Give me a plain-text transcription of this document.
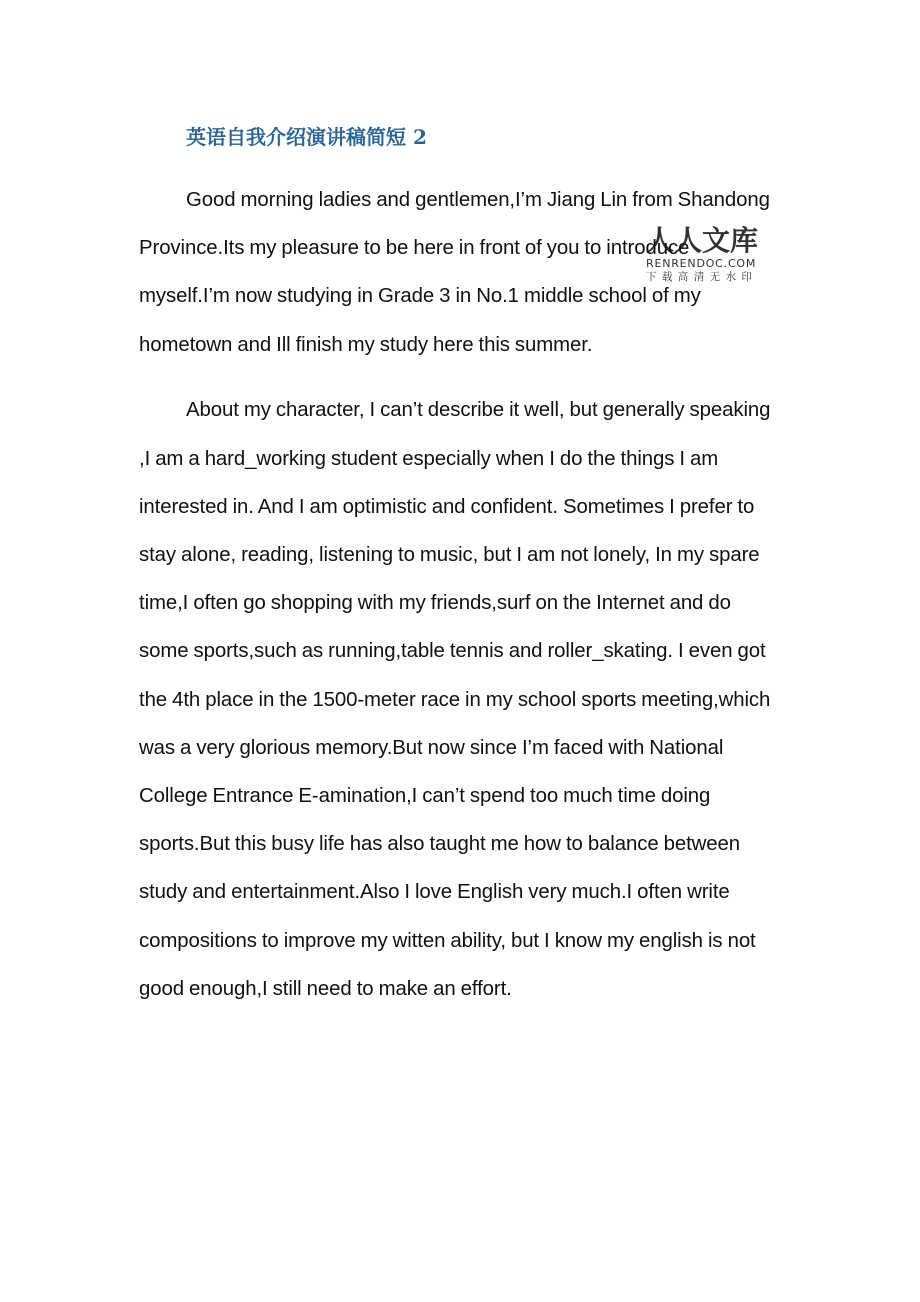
英语自我介绍演讲稿简短 2

Good morning ladies and gentlemen,I’m Jiang Lin from Shandong Province.Its my pleasure to be here in front of you to introduce myself.I’m now studying in Grade 3 in No.1 middle school of my hometown and Ill finish my study here this summer.

About my character, I can’t describe it well, but generally speaking ,I am a hard_working student especially when I do the things I am interested in. And I am optimistic and confident. Sometimes I prefer to stay alone, reading, listening to music, but I am not lonely, In my spare time,I often go shopping with my friends,surf on the Internet and do some sports,such as running,table tennis and roller_skating. I even got the 4th place in the 1500-meter race in my school sports meeting,which was a very glorious memory.But now since I’m faced with National College Entrance E-amination,I can’t spend too much time doing sports.But this busy life has also taught me how to balance between study and entertainment.Also I love English very much.I often write compositions to improve my witten ability, but I know my english is not good enough,I still need to make an effort.

人人文库
RENRENDOC.COM
下载高清无水印
